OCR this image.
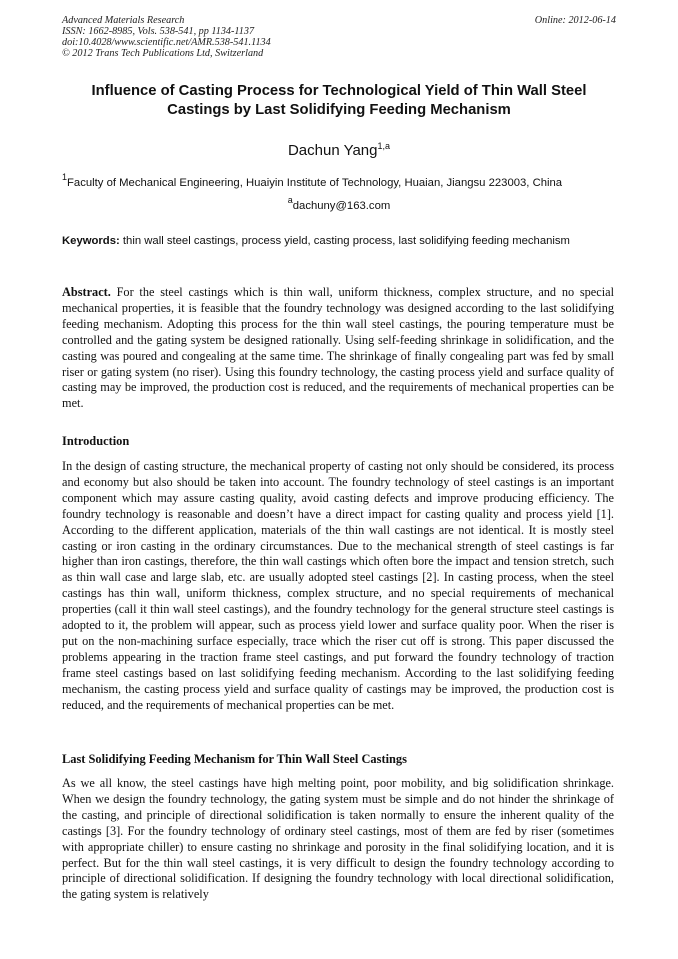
Advanced Materials Research
ISSN: 1662-8985, Vols. 538-541, pp 1134-1137
doi:10.4028/www.scientific.net/AMR.538-541.1134
© 2012 Trans Tech Publications Ltd, Switzerland
Online: 2012-06-14
Influence of Casting Process for Technological Yield of Thin Wall Steel
Castings by Last Solidifying Feeding Mechanism
Dachun Yang$^{1,a}$
$^1$Faculty of Mechanical Engineering, Huaiyin Institute of Technology, Huaian, Jiangsu 223003, China
$^a$dachuny@163.com
Keywords: thin wall steel castings, process yield, casting process, last solidifying feeding mechanism
Abstract. For the steel castings which is thin wall, uniform thickness, complex structure, and no special mechanical properties, it is feasible that the foundry technology was designed according to the last solidifying feeding mechanism. Adopting this process for the thin wall steel castings, the pouring temperature must be controlled and the gating system be designed rationally. Using self-feeding shrinkage in solidification, and the casting was poured and congealing at the same time. The shrinkage of finally congealing part was fed by small riser or gating system (no riser). Using this foundry technology, the casting process yield and surface quality of casting may be improved, the production cost is reduced, and the requirements of mechanical properties can be met.
Introduction
In the design of casting structure, the mechanical property of casting not only should be considered, its process and economy but also should be taken into account. The foundry technology of steel castings is an important component which may assure casting quality, avoid casting defects and improve producing efficiency. The foundry technology is reasonable and doesn’t have a direct impact for casting quality and process yield [1]. According to the different application, materials of the thin wall castings are not identical. It is mostly steel casting or iron casting in the ordinary circumstances. Due to the mechanical strength of steel castings is far higher than iron castings, therefore, the thin wall castings which often bore the impact and tension stretch, such as thin wall case and large slab, etc. are usually adopted steel castings [2]. In casting process, when the steel castings has thin wall, uniform thickness, complex structure, and no special requirements of mechanical properties (call it thin wall steel castings), and the foundry technology for the general structure steel castings is adopted to it, the problem will appear, such as process yield lower and surface quality poor. When the riser is put on the non-machining surface especially, trace which the riser cut off is strong. This paper discussed the problems appearing in the traction frame steel castings, and put forward the foundry technology of traction frame steel castings based on last solidifying feeding mechanism. According to the last solidifying feeding mechanism, the casting process yield and surface quality of castings may be improved, the production cost is reduced, and the requirements of mechanical properties can be met.
Last Solidifying Feeding Mechanism for Thin Wall Steel Castings
As we all know, the steel castings have high melting point, poor mobility, and big solidification shrinkage. When we design the foundry technology, the gating system must be simple and do not hinder the shrinkage of the casting, and principle of directional solidification is taken normally to ensure the inherent quality of the castings [3]. For the foundry technology of ordinary steel castings, most of them are fed by riser (sometimes with appropriate chiller) to ensure casting no shrinkage and porosity in the final solidifying location, and it is perfect. But for the thin wall steel castings, it is very difficult to design the foundry technology according to principle of directional solidification. If designing the foundry technology with local directional solidification, the gating system is relatively
